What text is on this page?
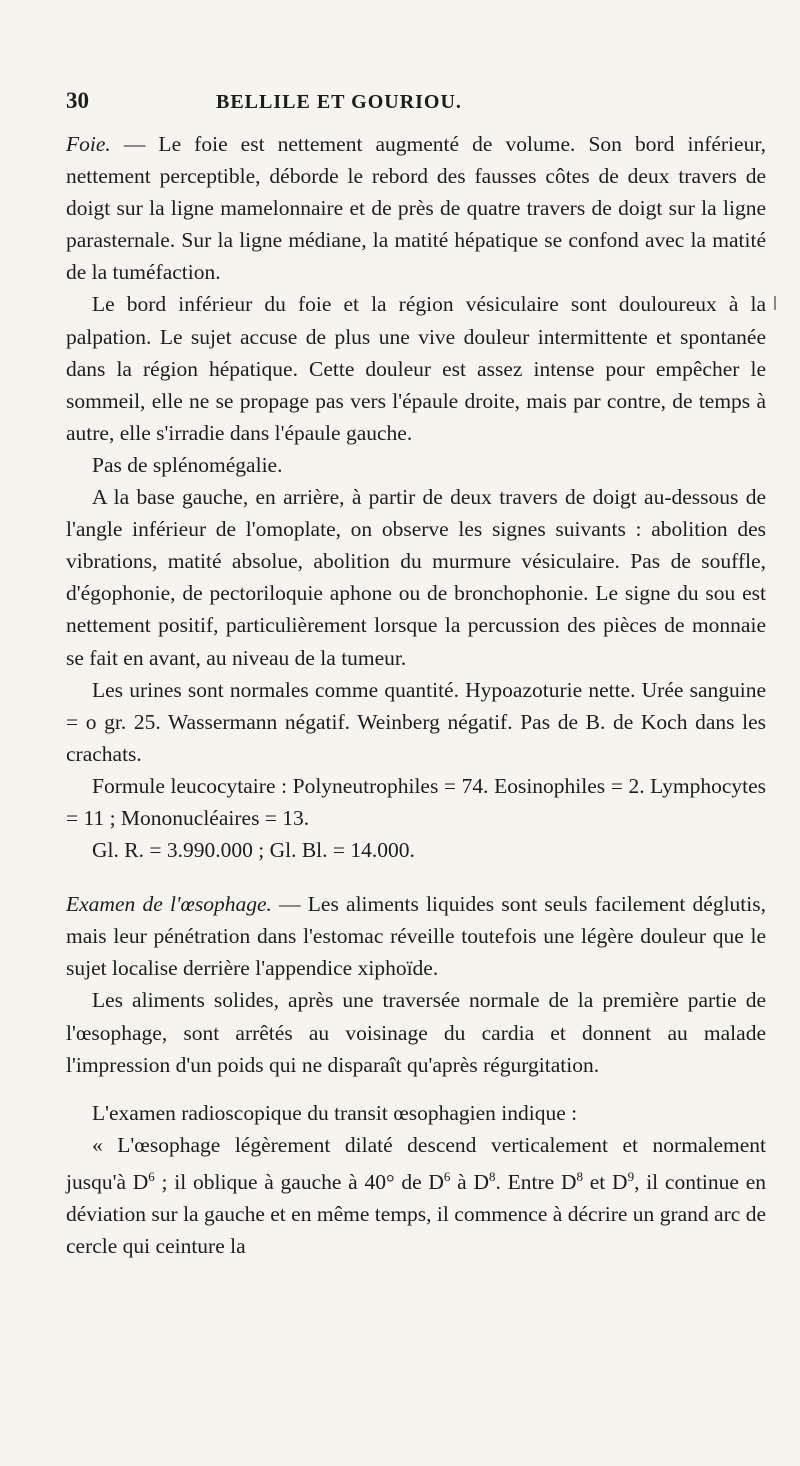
30	BELLILE ET GOURIOU.

Foie. — Le foie est nettement augmenté de volume. Son bord inférieur, nettement perceptible, déborde le rebord des fausses côtes de deux travers de doigt sur la ligne mamelonnaire et de près de quatre travers de doigt sur la ligne parasternale. Sur la ligne médiane, la matité hépatique se confond avec la matité de la tuméfaction.

Le bord inférieur du foie et la région vésiculaire sont douloureux à la palpation. Le sujet accuse de plus une vive douleur intermittente et spontanée dans la région hépatique. Cette douleur est assez intense pour empêcher le sommeil, elle ne se propage pas vers l'épaule droite, mais par contre, de temps à autre, elle s'irradie dans l'épaule gauche.

Pas de splénomégalie.

A la base gauche, en arrière, à partir de deux travers de doigt au-dessous de l'angle inférieur de l'omoplate, on observe les signes suivants : abolition des vibrations, matité absolue, abolition du murmure vésiculaire. Pas de souffle, d'égophonie, de pectoriloquie aphone ou de bronchophonie. Le signe du sou est nettement positif, particulièrement lorsque la percussion des pièces de monnaie se fait en avant, au niveau de la tumeur.

Les urines sont normales comme quantité. Hypoazoturie nette. Urée sanguine = o gr. 25. Wassermann négatif. Weinberg négatif. Pas de B. de Koch dans les crachats.

Formule leucocytaire : Polyneutrophiles = 74. Eosinophiles = 2. Lymphocytes = 11 ; Mononucléaires = 13.

Gl. R. = 3.990.000 ; Gl. Bl. = 14.000.

Examen de l'œsophage. — Les aliments liquides sont seuls facilement déglutis, mais leur pénétration dans l'estomac réveille toutefois une légère douleur que le sujet localise derrière l'appendice xiphoïde.

Les aliments solides, après une traversée normale de la première partie de l'œsophage, sont arrêtés au voisinage du cardia et donnent au malade l'impression d'un poids qui ne disparaît qu'après régurgitation.

L'examen radioscopique du transit œsophagien indique :

« L'œsophage légèrement dilaté descend verticalement et normalement jusqu'à $D^6$ ; il oblique à gauche à 40° de $D^6$ à $D^8$. Entre $D^8$ et $D^9$, il continue en déviation sur la gauche et en même temps, il commence à décrire un grand arc de cercle qui ceinture la
